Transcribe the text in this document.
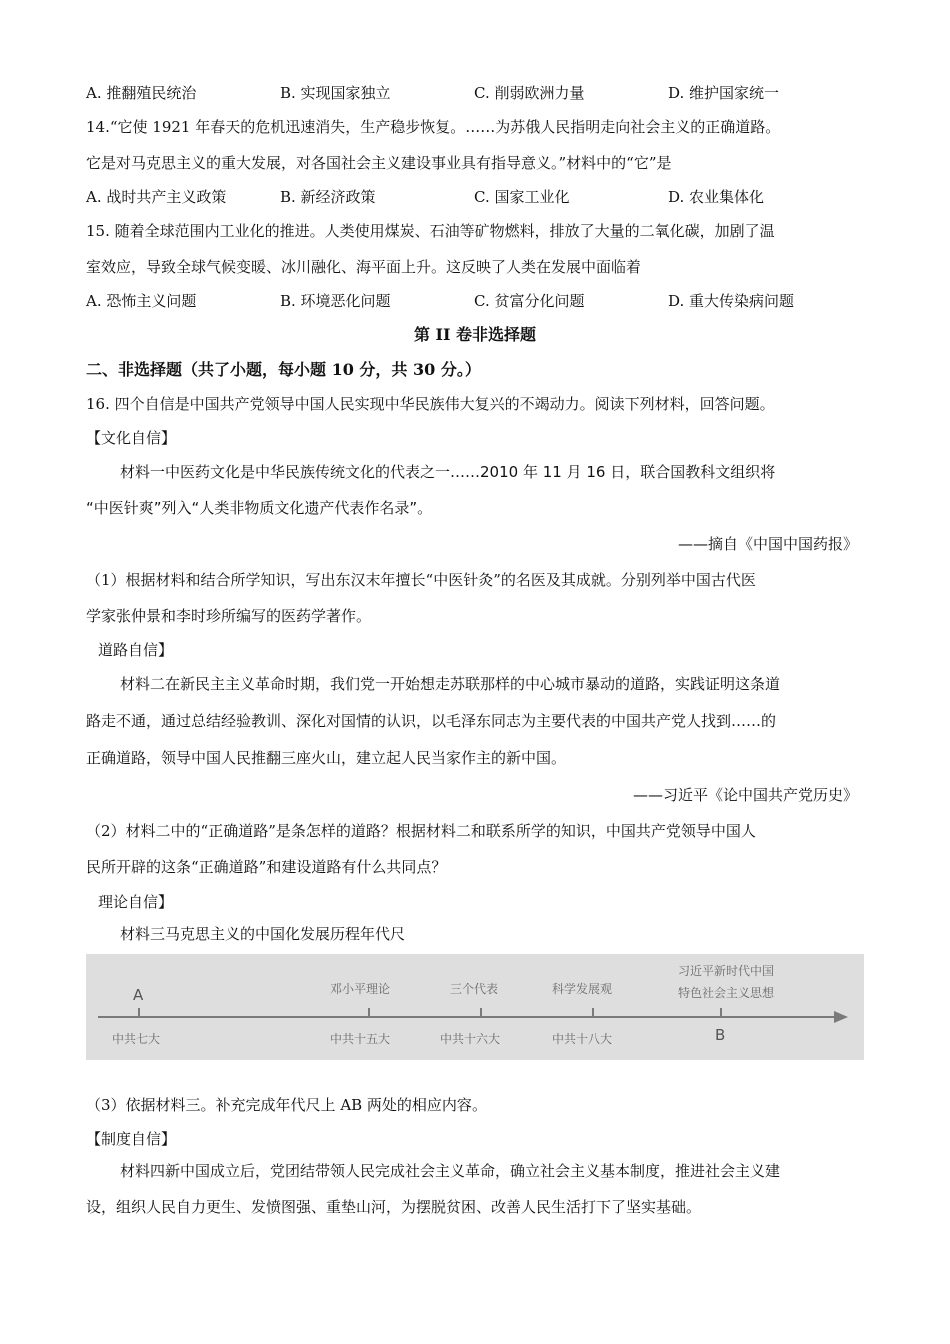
A. 推翻殖民统治	B. 实现国家独立	C. 削弱欧洲力量	D. 维护国家统一
14.“它使 1921 年春天的危机迅速消失，生产稳步恢复。……为苏俄人民指明走向社会主义的正确道路。
它是对马克思主义的重大发展，对各国社会主义建设事业具有指导意义。”材料中的“它”是
A. 战时共产主义政策	B. 新经济政策	C. 国家工业化	D. 农业集体化
15. 随着全球范围内工业化的推进。人类使用煤炭、石油等矿物燃料，排放了大量的二氧化碳，加剧了温
室效应，导致全球气候变暖、冰川融化、海平面上升。这反映了人类在发展中面临着
A. 恐怖主义问题	B. 环境恶化问题	C. 贫富分化问题	D. 重大传染病问题
第 II 卷非选择题
二、非选择题（共了小题，每小题 10 分，共 30 分。）
16. 四个自信是中国共产党领导中国人民实现中华民族伟大复兴的不竭动力。阅读下列材料，回答问题。
【文化自信】
材料一中医药文化是中华民族传统文化的代表之一……2010 年 11 月 16 日，联合国教科文组织将
“中医针爽”列入“人类非物质文化遗产代表作名录”。
——摘自《中国中国药报》
（1）根据材料和结合所学知识，写出东汉末年擅长“中医针灸”的名医及其成就。分别列举中国古代医
学家张仲景和李时珍所编写的医药学著作。
道路自信】
材料二在新民主主义革命时期，我们党一开始想走苏联那样的中心城市暴动的道路，实践证明这条道
路走不通，通过总结经验教训、深化对国情的认识，以毛泽东同志为主要代表的中国共产党人找到……的
正确道路，领导中国人民推翻三座火山，建立起人民当家作主的新中国。
——习近平《论中国共产党历史》
（2）材料二中的“正确道路”是条怎样的道路？根据材料二和联系所学的知识，中国共产党领导中国人
民所开辟的这条“正确道路”和建设道路有什么共同点？
理论自信】
材料三马克思主义的中国化发展历程年代尺
A	邓小平理论	三个代表	科学发展观
习近平新时代中国
特色社会主义思想
中共七大	中共十五大	中共十六大	中共十八大	B
（3）依据材料三。补充完成年代尺上 AB 两处的相应内容。
【制度自信】
材料四新中国成立后，党团结带领人民完成社会主义革命，确立社会主义基本制度，推进社会主义建
设，组织人民自力更生、发愤图强、重垫山河，为摆脱贫困、改善人民生活打下了坚实基础。
